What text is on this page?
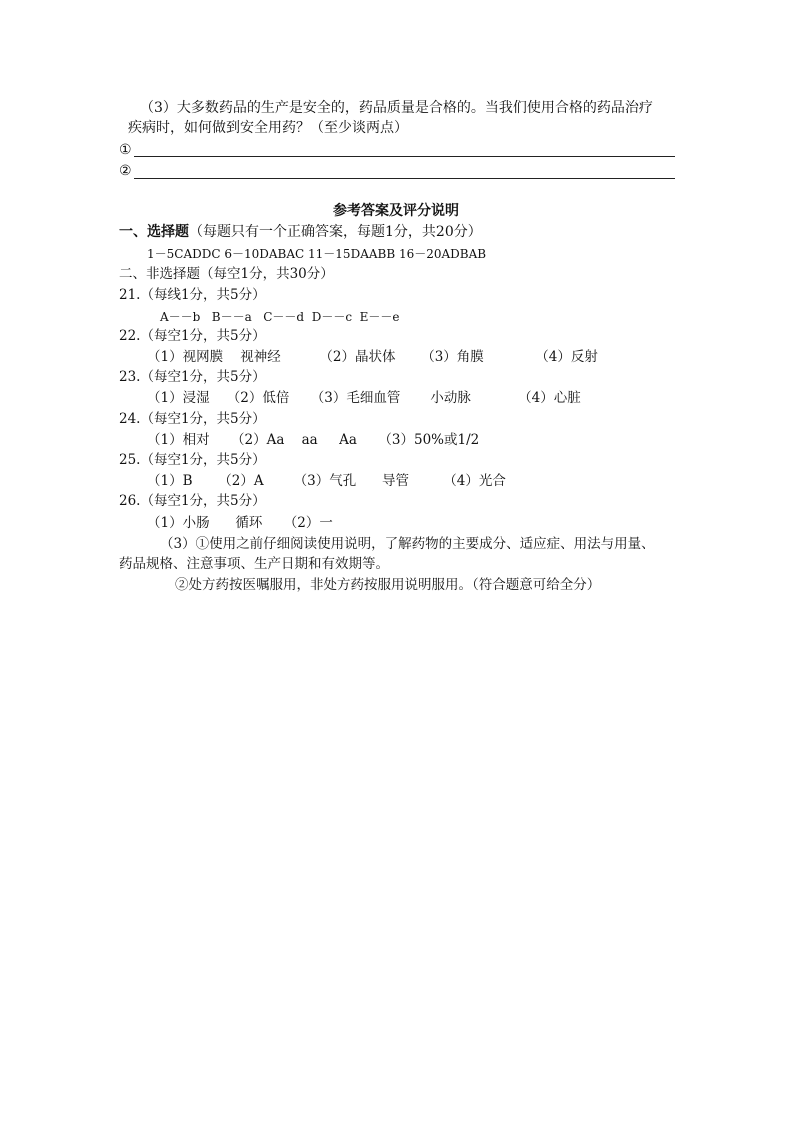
（3）大多数药品的生产是安全的，药品质量是合格的。当我们使用合格的药品治疗
疾病时，如何做到安全用药？（至少谈两点）
①
②
参考答案及评分说明
一、选择题（每题只有一个正确答案，每题1分，共20分）
1－5CADDC 6－10DABAC 11－15DAABB 16－20ADBAB
二、非选择题（每空1分，共30分）
21.（每线1分，共5分）
A－－b   B－－a   C－－d  D－－c  E－－e
22.（每空1分，共5分）
（1）视网膜    视神经         （2）晶状体      （3）角膜            （4）反射
23.（每空1分，共5分）
（1）浸湿    （2）低倍     （3）毛细血管       小动脉           （4）心脏
24.（每空1分，共5分）
（1）相对     （2）Aa    aa     Aa     （3）50%或1/2
25.（每空1分，共5分）
（1）B      （2）A       （3）气孔      导管        （4）光合
26.（每空1分，共5分）
（1）小肠      循环     （2）一
（3）①使用之前仔细阅读使用说明，了解药物的主要成分、适应症、用法与用量、
药品规格、注意事项、生产日期和有效期等。
②处方药按医嘱服用，非处方药按服用说明服用。（符合题意可给全分）
